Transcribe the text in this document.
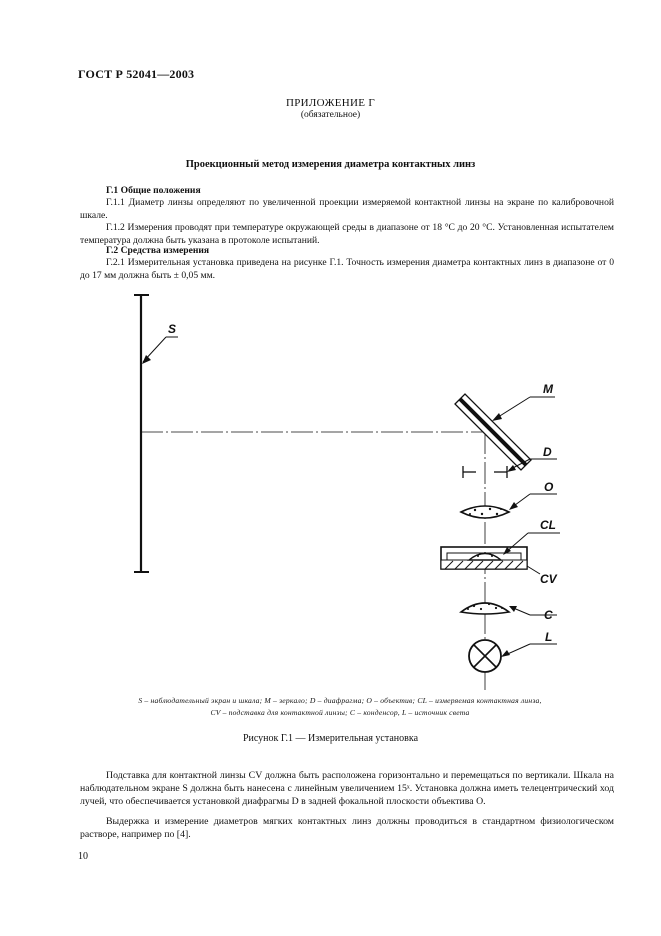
ГОСТ Р 52041—2003
ПРИЛОЖЕНИЕ Г
(обязательное)
Проекционный метод измерения диаметра контактных линз
Г.1 Общие положения
Г.1.1 Диаметр линзы определяют по увеличенной проекции измеряемой контактной линзы на экране по калибровочной шкале.
Г.1.2 Измерения проводят при температуре окружающей среды в диапазоне от 18 °С до 20 °С. Установленная испытателем температура должна быть указана в протоколе испытаний.
Г.2 Средства измерения
Г.2.1 Измерительная установка приведена на рисунке Г.1. Точность измерения диаметра контактных линз в диапазоне от 0 до 17 мм должна быть ± 0,05 мм.
S
M
D
O
CL
CV
C
L
S – наблюдательный экран и шкала; M – зеркало; D – диафрагма; O – объектив; CL – измеряемая контактная линза,
CV – подставка для контактной линзы; C – конденсор, L – источник света
Рисунок Г.1 — Измерительная установка
Подставка для контактной линзы CV должна быть расположена горизонтально и перемещаться по вертикали. Шкала на наблюдательном экране S должна быть нанесена с линейным увеличением 15ˣ. Установка должна иметь телецентрический ход лучей, что обеспечивается установкой диафрагмы D в задней фокальной плоскости объектива O.
Выдержка и измерение диаметров мягких контактных линз должны проводиться в стандартном физиологическом растворе, например по [4].
10
